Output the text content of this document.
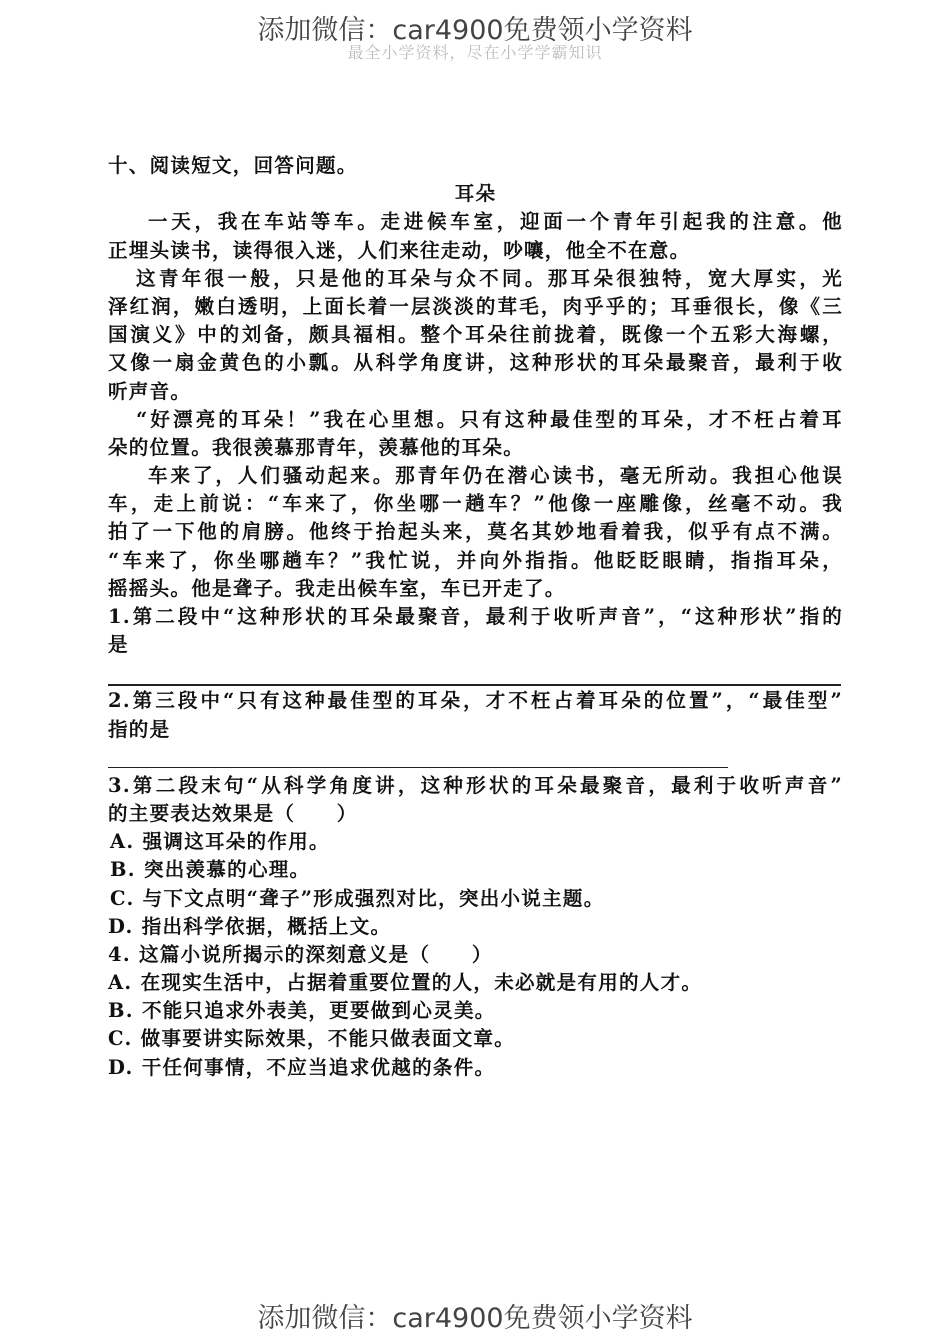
添加微信：car4900免费领小学资料
最全小学资料，尽在小学学霸知识
十、阅读短文，回答问题。
耳朵
一天，我在车站等车。走进候车室，迎面一个青年引起我的注意。他
正埋头读书，读得很入迷，人们来往走动，吵嚷，他全不在意。
这青年很一般，只是他的耳朵与众不同。那耳朵很独特，宽大厚实，光
泽红润，嫩白透明，上面长着一层淡淡的茸毛，肉乎乎的；耳垂很长，像《三
国演义》中的刘备，颇具福相。整个耳朵往前拢着，既像一个五彩大海螺，
又像一扇金黄色的小瓢。从科学角度讲，这种形状的耳朵最聚音，最利于收
听声音。
“好漂亮的耳朵！”我在心里想。只有这种最佳型的耳朵，才不枉占着耳
朵的位置。我很羡慕那青年，羡慕他的耳朵。
车来了，人们骚动起来。那青年仍在潜心读书，毫无所动。我担心他误
车，走上前说：“车来了，你坐哪一趟车？”他像一座雕像，丝毫不动。我
拍了一下他的肩膀。他终于抬起头来，莫名其妙地看着我，似乎有点不满。
“车来了，你坐哪趟车？”我忙说，并向外指指。他眨眨眼睛，指指耳朵，
摇摇头。他是聋子。我走出候车室，车已开走了。
1.第二段中“这种形状的耳朵最聚音，最利于收听声音”，“这种形状”指的
是
2.第三段中“只有这种最佳型的耳朵，才不枉占着耳朵的位置”，“最佳型”
指的是
3.第二段末句“从科学角度讲，这种形状的耳朵最聚音，最利于收听声音”
的主要表达效果是（　　）
A. 强调这耳朵的作用。
B. 突出羡慕的心理。
C. 与下文点明“聋子”形成强烈对比，突出小说主题。
D. 指出科学依据，概括上文。
4. 这篇小说所揭示的深刻意义是（　　）
A. 在现实生活中，占据着重要位置的人，未必就是有用的人才。
B. 不能只追求外表美，更要做到心灵美。
C. 做事要讲实际效果，不能只做表面文章。
D. 干任何事情，不应当追求优越的条件。
添加微信：car4900免费领小学资料
